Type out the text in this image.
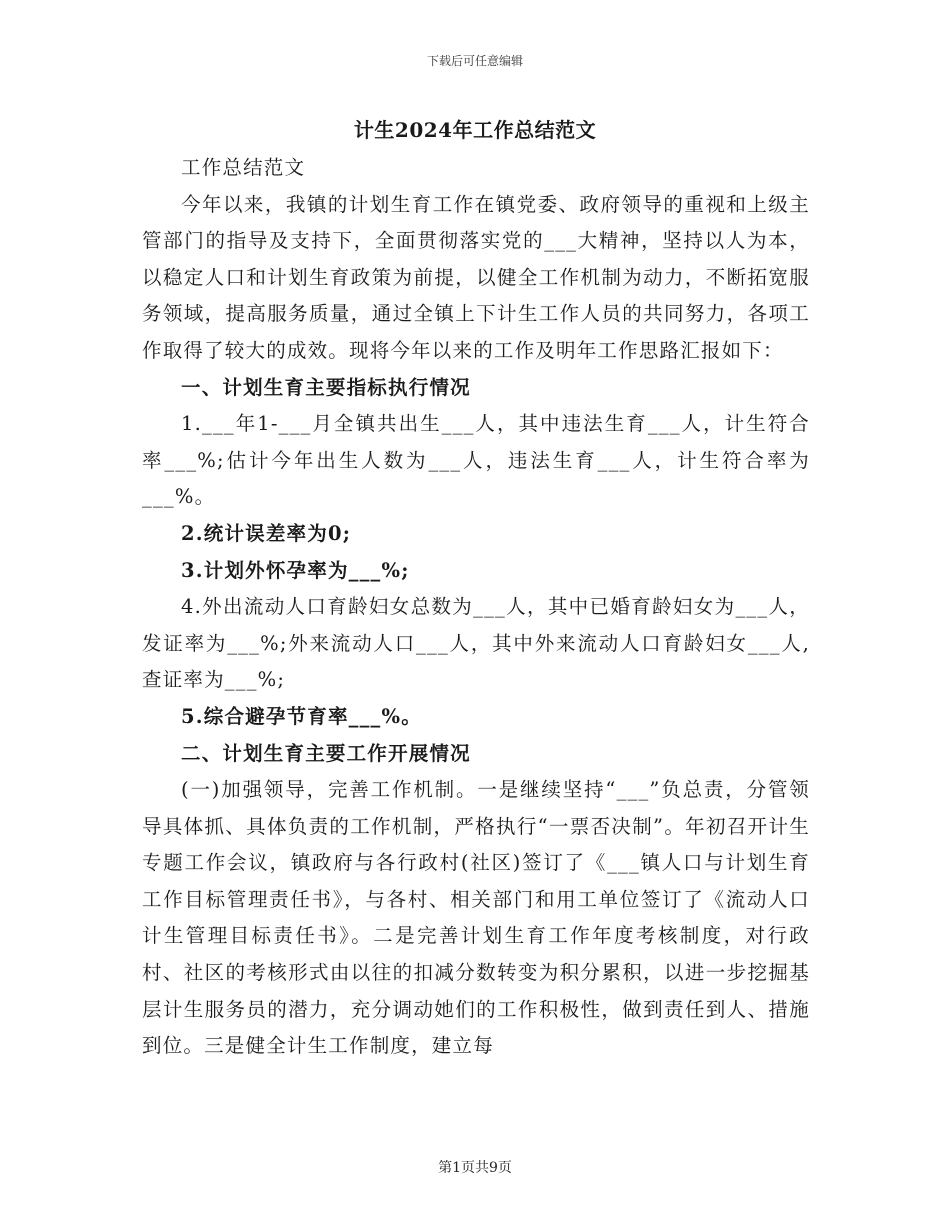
下载后可任意编辑
计生2024年工作总结范文

工作总结范文

今年以来，我镇的计划生育工作在镇党委、政府领导的重视和上级主管部门的指导及支持下，全面贯彻落实党的___大精神，坚持以人为本，以稳定人口和计划生育政策为前提，以健全工作机制为动力，不断拓宽服务领域，提高服务质量，通过全镇上下计生工作人员的共同努力，各项工作取得了较大的成效。现将今年以来的工作及明年工作思路汇报如下：

一、计划生育主要指标执行情况

1.___年1-___月全镇共出生___人，其中违法生育___人，计生符合率___%;估计今年出生人数为___人，违法生育___人，计生符合率为___%。

2.统计误差率为0;

3.计划外怀孕率为___%;

4.外出流动人口育龄妇女总数为___人，其中已婚育龄妇女为___人，发证率为___%;外来流动人口___人，其中外来流动人口育龄妇女___人,查证率为___%;

5.综合避孕节育率___%。

二、计划生育主要工作开展情况

(一)加强领导，完善工作机制。一是继续坚持“___”负总责，分管领导具体抓、具体负责的工作机制，严格执行“一票否决制”。年初召开计生专题工作会议，镇政府与各行政村(社区)签订了《___镇人口与计划生育工作目标管理责任书》，与各村、相关部门和用工单位签订了《流动人口计生管理目标责任书》。二是完善计划生育工作年度考核制度，对行政村、社区的考核形式由以往的扣减分数转变为积分累积，以进一步挖掘基层计生服务员的潜力，充分调动她们的工作积极性，做到责任到人、措施到位。三是健全计生工作制度，建立每

第1页共9页
